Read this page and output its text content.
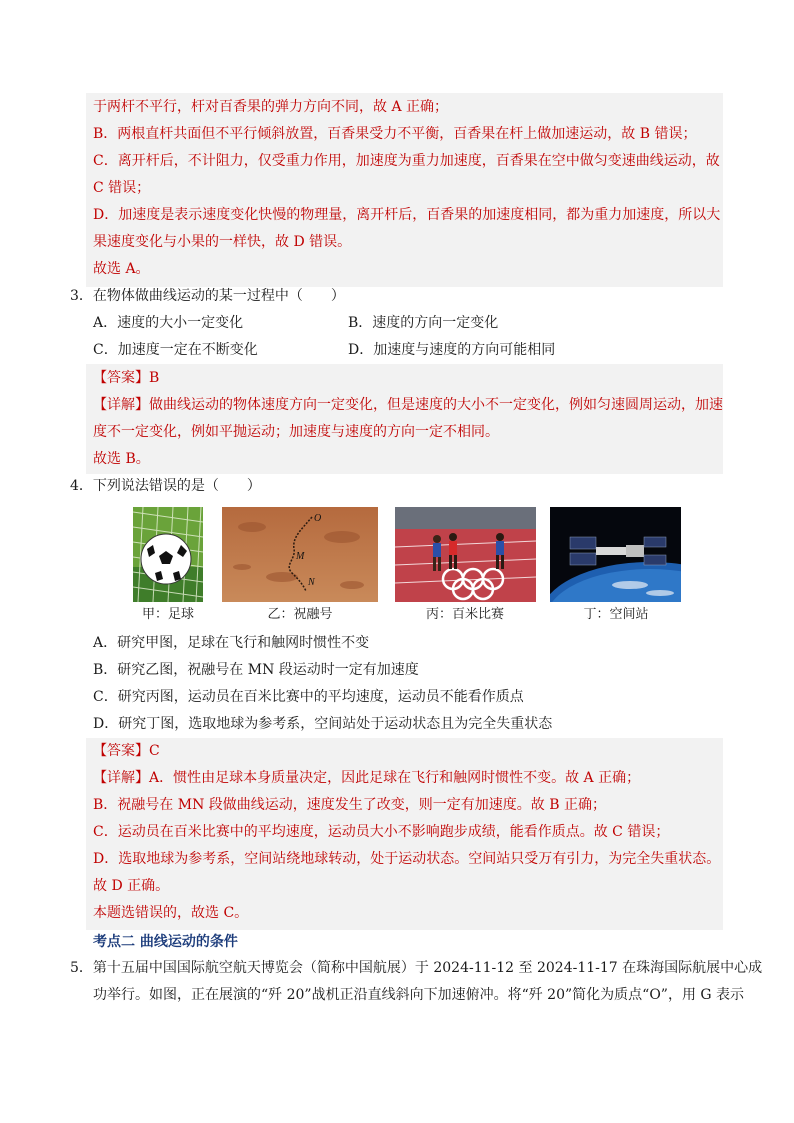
于两杆不平行，杆对百香果的弹力方向不同，故 A 正确；
B．两根直杆共面但不平行倾斜放置，百香果受力不平衡，百香果在杆上做加速运动，故 B 错误；
C．离开杆后，不计阻力，仅受重力作用，加速度为重力加速度，百香果在空中做匀变速曲线运动，故
C 错误；
D．加速度是表示速度变化快慢的物理量，离开杆后，百香果的加速度相同，都为重力加速度，所以大
果速度变化与小果的一样快，故 D 错误。
故选 A。
3．在物体做曲线运动的某一过程中（　　）
A．速度的大小一定变化	B．速度的方向一定变化
C．加速度一定在不断变化	D．加速度与速度的方向可能相同
【答案】B
【详解】做曲线运动的物体速度方向一定变化，但是速度的大小不一定变化，例如匀速圆周运动，加速
度不一定变化，例如平抛运动；加速度与速度的方向一定不相同。
故选 B。
4．下列说法错误的是（　　）
甲：足球
O
M
N
乙：祝融号	丙：百米比赛	丁：空间站
A．研究甲图，足球在飞行和触网时惯性不变
B．研究乙图，祝融号在 MN 段运动时一定有加速度
C．研究丙图，运动员在百米比赛中的平均速度，运动员不能看作质点
D．研究丁图，选取地球为参考系，空间站处于运动状态且为完全失重状态
【答案】C
【详解】A．惯性由足球本身质量决定，因此足球在飞行和触网时惯性不变。故 A 正确；
B．祝融号在 MN 段做曲线运动，速度发生了改变，则一定有加速度。故 B 正确；
C．运动员在百米比赛中的平均速度，运动员大小不影响跑步成绩，能看作质点。故 C 错误；
D．选取地球为参考系，空间站绕地球转动，处于运动状态。空间站只受万有引力，为完全失重状态。
故 D 正确。
本题选错误的，故选 C。
考点二 曲线运动的条件
5．第十五届中国国际航空航天博览会（简称中国航展）于 2024-11-12 至 2024-11-17 在珠海国际航展中心成
功举行。如图，正在展演的“歼 20”战机正沿直线斜向下加速俯冲。将“歼 20”简化为质点“O”，用 G 表示
